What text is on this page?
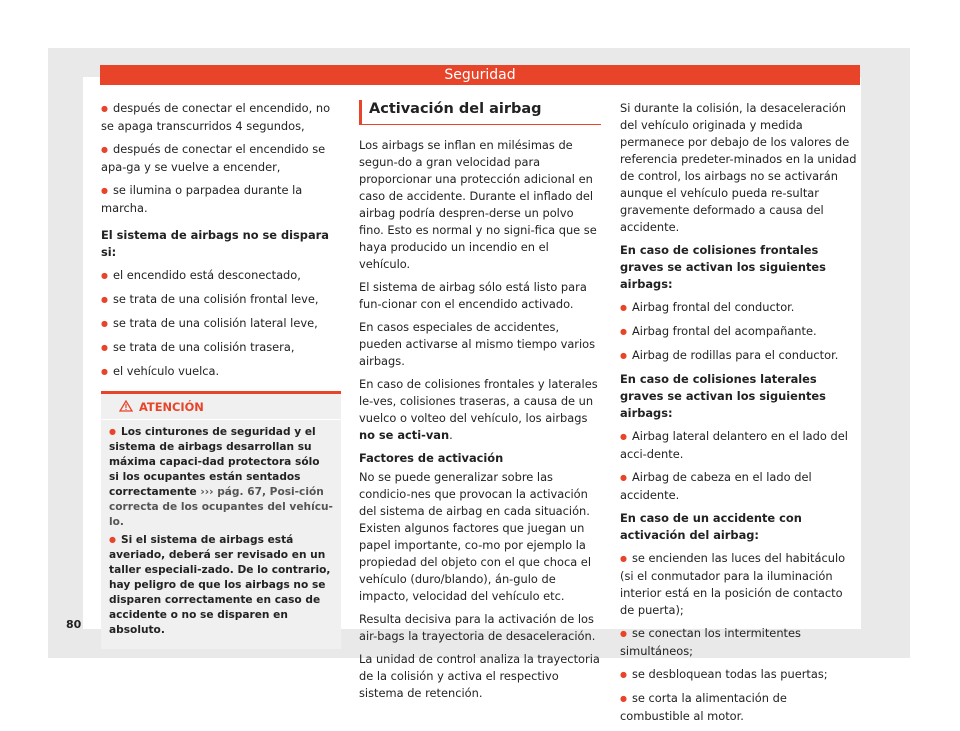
Seguridad

● después de conectar el encendido, no se apaga transcurridos 4 segundos,

● después de conectar el encendido se apa-ga y se vuelve a encender,

● se ilumina o parpadea durante la marcha.

El sistema de airbags no se dispara si:

● el encendido está desconectado,

● se trata de una colisión frontal leve,

● se trata de una colisión lateral leve,

● se trata de una colisión trasera,

● el vehículo vuelca.

ATENCIÓN

● Los cinturones de seguridad y el sistema de airbags desarrollan su máxima capaci-dad protectora sólo si los ocupantes están sentados correctamente ››› pág. 67, Posi-ción correcta de los ocupantes del vehícu-lo.

● Si el sistema de airbags está averiado, deberá ser revisado en un taller especiali-zado. De lo contrario, hay peligro de que los airbags no se disparen correctamente en caso de accidente o no se disparen en absoluto.

Activación del airbag

Los airbags se inflan en milésimas de segun-do a gran velocidad para proporcionar una protección adicional en caso de accidente. Durante el inflado del airbag podría despren-derse un polvo fino. Esto es normal y no signi-fica que se haya producido un incendio en el vehículo.

El sistema de airbag sólo está listo para fun-cionar con el encendido activado.

En casos especiales de accidentes, pueden activarse al mismo tiempo varios airbags.

En caso de colisiones frontales y laterales le-ves, colisiones traseras, a causa de un vuelco o volteo del vehículo, los airbags no se acti-van.

Factores de activación

No se puede generalizar sobre las condicio-nes que provocan la activación del sistema de airbag en cada situación. Existen algunos factores que juegan un papel importante, co-mo por ejemplo la propiedad del objeto con el que choca el vehículo (duro/blando), án-gulo de impacto, velocidad del vehículo etc.

Resulta decisiva para la activación de los air-bags la trayectoria de desaceleración.

La unidad de control analiza la trayectoria de la colisión y activa el respectivo sistema de retención.

Si durante la colisión, la desaceleración del vehículo originada y medida permanece por debajo de los valores de referencia predeter-minados en la unidad de control, los airbags no se activarán aunque el vehículo pueda re-sultar gravemente deformado a causa del accidente.

En caso de colisiones frontales graves se activan los siguientes airbags:

● Airbag frontal del conductor.

● Airbag frontal del acompañante.

● Airbag de rodillas para el conductor.

En caso de colisiones laterales graves se activan los siguientes airbags:

● Airbag lateral delantero en el lado del acci-dente.

● Airbag de cabeza en el lado del accidente.

En caso de un accidente con activación del airbag:

● se encienden las luces del habitáculo (si el conmutador para la iluminación interior está en la posición de contacto de puerta);

● se conectan los intermitentes simultáneos;

● se desbloquean todas las puertas;

● se corta la alimentación de combustible al motor.

80
